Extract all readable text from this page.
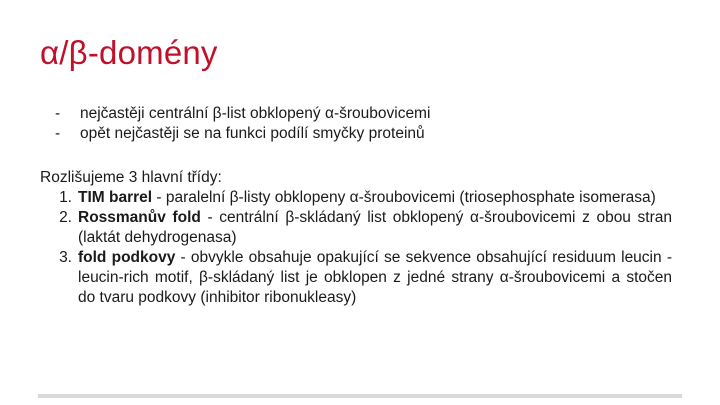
α/β-domény
-	nejčastěji centrální β-list obklopený α-šroubovicemi
-	opět nejčastěji se na funkci podílí smyčky proteinů
Rozlišujeme 3 hlavní třídy:
1. TIM barrel - paralelní β-listy obklopeny α-šroubovicemi (triosephosphate isomerasa)
2. Rossmanův fold - centrální β-skládaný list obklopený α-šroubovicemi z obou stran (laktát dehydrogenasa)
3. fold podkovy - obvykle obsahuje opakující se sekvence obsahující residuum leucin - leucin-rich motif, β-skládaný list je obklopen z jedné strany α-šroubovicemi a stočen do tvaru podkovy (inhibitor ribonukleasy)
